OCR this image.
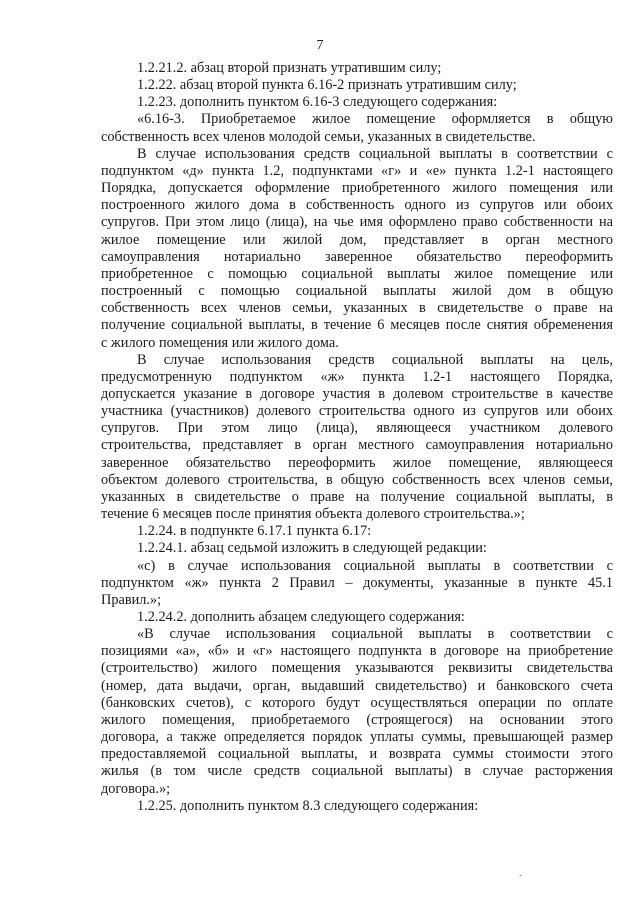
7
1.2.21.2. абзац второй признать утратившим силу;
1.2.22. абзац второй пункта 6.16-2 признать утратившим силу;
1.2.23. дополнить пунктом 6.16-3 следующего содержания:
«6.16-3. Приобретаемое жилое помещение оформляется в общую
собственность всех членов молодой семьи, указанных в свидетельстве.
В случае использования средств социальной выплаты в соответствии с
подпунктом «д» пункта 1.2, подпунктами «г» и «е» пункта 1.2-1 настоящего
Порядка, допускается оформление приобретенного жилого помещения или
построенного жилого дома в собственность одного из супругов или обоих
супругов. При этом лицо (лица), на чье имя оформлено право собственности на
жилое помещение или жилой дом, представляет в орган местного
самоуправления нотариально заверенное обязательство переоформить
приобретенное с помощью социальной выплаты жилое помещение или
построенный с помощью социальной выплаты жилой дом в общую
собственность всех членов семьи, указанных в свидетельстве о праве на
получение социальной выплаты, в течение 6 месяцев после снятия обременения
с жилого помещения или жилого дома.
В случае использования средств социальной выплаты на цель,
предусмотренную подпунктом «ж» пункта 1.2-1 настоящего Порядка,
допускается указание в договоре участия в долевом строительстве в качестве
участника (участников) долевого строительства одного из супругов или обоих
супругов. При этом лицо (лица), являющееся участником долевого
строительства, представляет в орган местного самоуправления нотариально
заверенное обязательство переоформить жилое помещение, являющееся
объектом долевого строительства, в общую собственность всех членов семьи,
указанных в свидетельстве о праве на получение социальной выплаты, в
течение 6 месяцев после принятия объекта долевого строительства.»;
1.2.24. в подпункте 6.17.1 пункта 6.17:
1.2.24.1. абзац седьмой изложить в следующей редакции:
«с) в случае использования социальной выплаты в соответствии с
подпунктом «ж» пункта 2 Правил – документы, указанные в пункте 45.1
Правил.»;
1.2.24.2. дополнить абзацем следующего содержания:
«В случае использования социальной выплаты в соответствии с
позициями «а», «б» и «г» настоящего подпункта в договоре на приобретение
(строительство) жилого помещения указываются реквизиты свидетельства
(номер, дата выдачи, орган, выдавший свидетельство) и банковского счета
(банковских счетов), с которого будут осуществляться операции по оплате
жилого помещения, приобретаемого (строящегося) на основании этого
договора, а также определяется порядок уплаты суммы, превышающей размер
предоставляемой социальной выплаты, и возврата суммы стоимости этого
жилья (в том числе средств социальной выплаты) в случае расторжения
договора.»;
1.2.25. дополнить пунктом 8.3 следующего содержания:
.
